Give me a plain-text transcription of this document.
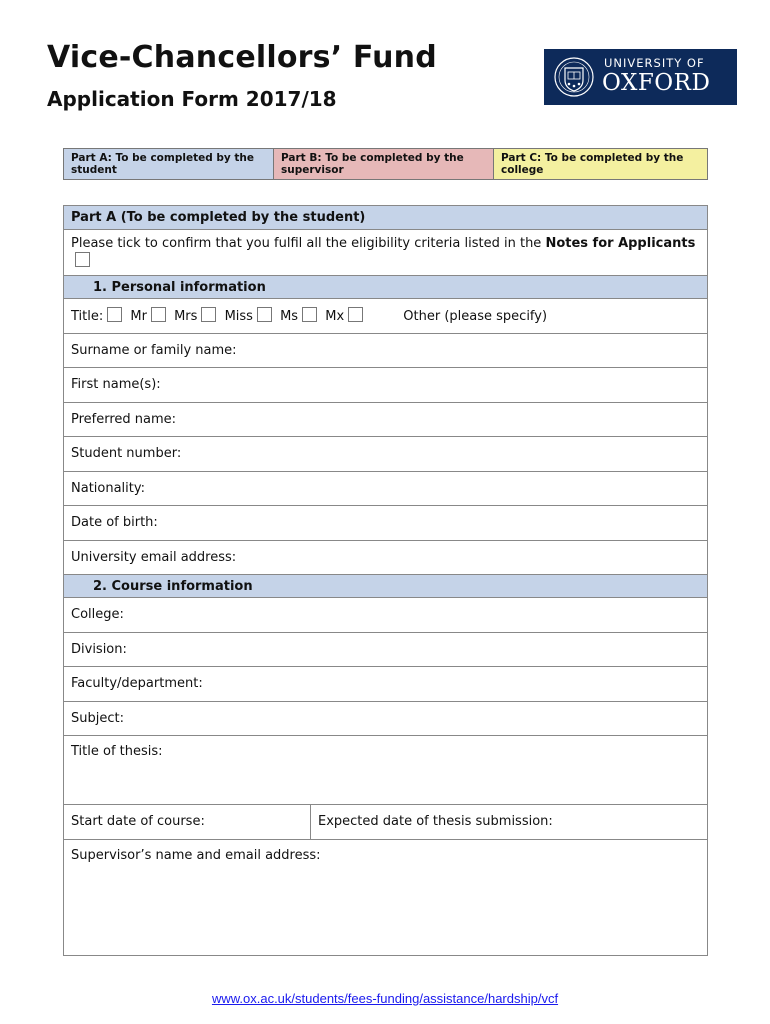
Vice-Chancellors’ Fund
Application Form 2017/18
UNIVERSITY OF
OXFORD
Part A: To be completed by the student	Part B: To be completed by the supervisor	Part C: To be completed by the college
Part A (To be completed by the student)
Please tick to confirm that you fulfil all the eligibility criteria listed in the Notes for Applicants
1. Personal information
Title: Mr Mrs Miss Ms Mx	Other (please specify)
Surname or family name:
First name(s):
Preferred name:
Student number:
Nationality:
Date of birth:
University email address:
2. Course information
College:
Division:
Faculty/department:
Subject:
Title of thesis:
Start date of course:	Expected date of thesis submission:
Supervisor’s name and email address:
www.ox.ac.uk/students/fees-funding/assistance/hardship/vcf
